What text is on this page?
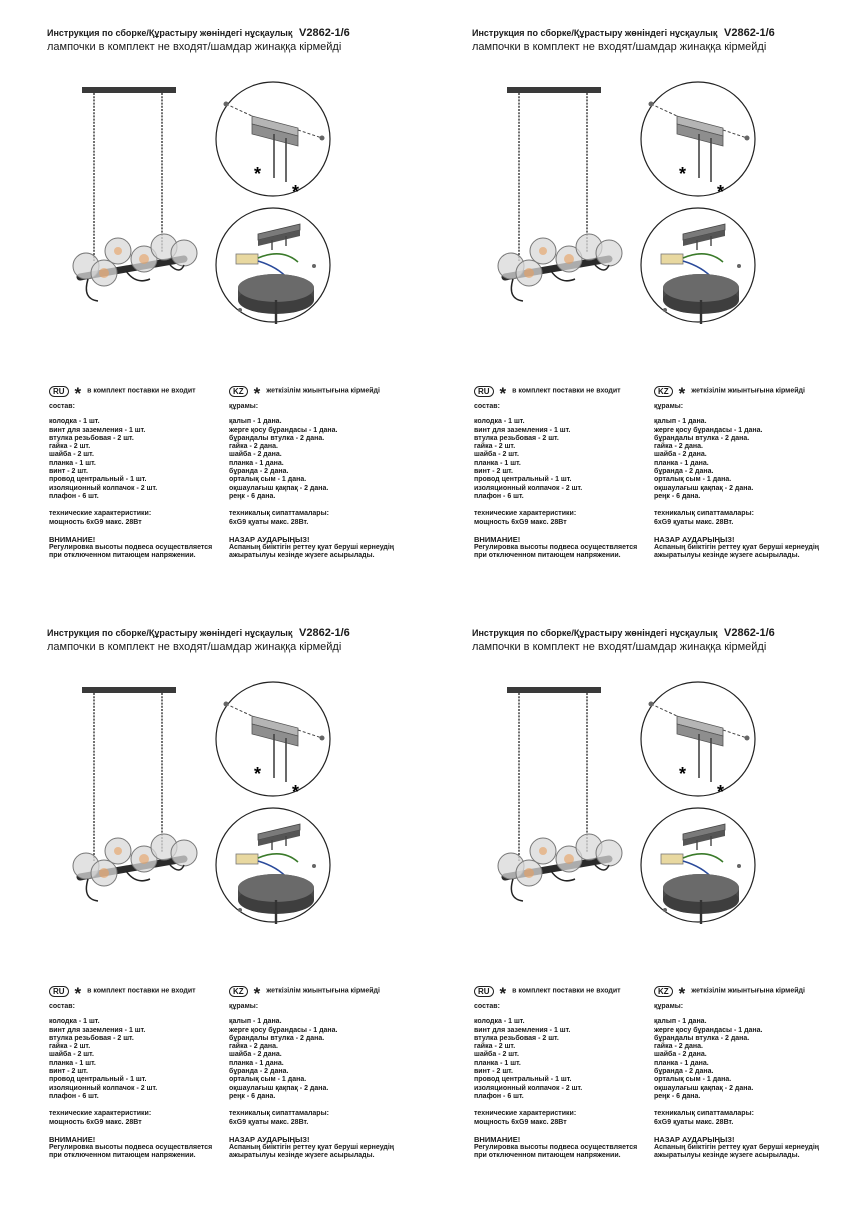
Инструкция по сборке/Құрастыру жөніндегі нұсқаулық V2862-1/6
лампочки в комплект не входят/шамдар жинаққа кірмейді
*
*
RU * в комплект поставки не входит
состав:
колодка - 1 шт.
винт для заземления - 1 шт.
втулка резьбовая - 2 шт.
гайка - 2 шт.
шайба - 2 шт.
планка - 1 шт.
винт - 2 шт.
провод центральный - 1 шт.
изоляционный колпачок - 2 шт.
плафон - 6 шт.
технические характеристики:
мощность 6xG9 макс. 28Вт
ВНИМАНИЕ!
Регулировка высоты подвеса осуществляется
при отключенном питающем напряжении.
KZ * жеткізілім жиынтығына кірмейді
құрамы:
қалып - 1 дана.
жерге қосу бұрандасы - 1 дана.
бұрандалы втулка - 2 дана.
гайка - 2 дана.
шайба - 2 дана.
планка - 1 дана.
бұранда - 2 дана.
орталық сым - 1 дана.
оқшаулағыш қақпақ - 2 дана.
реңк - 6 дана.
техникалық сипаттамалары:
6xG9 қуаты макс. 28Вт.
НАЗАР АУДАРЫҢЫЗ!
Аспаның биіктігін реттеу қуат беруші кернеудің
ажыратылуы кезінде жүзеге асырылады.
Инструкция по сборке/Құрастыру жөніндегі нұсқаулық V2862-1/6
лампочки в комплект не входят/шамдар жинаққа кірмейді
*
*
RU * в комплект поставки не входит
состав:
колодка - 1 шт.
винт для заземления - 1 шт.
втулка резьбовая - 2 шт.
гайка - 2 шт.
шайба - 2 шт.
планка - 1 шт.
винт - 2 шт.
провод центральный - 1 шт.
изоляционный колпачок - 2 шт.
плафон - 6 шт.
технические характеристики:
мощность 6xG9 макс. 28Вт
ВНИМАНИЕ!
Регулировка высоты подвеса осуществляется
при отключенном питающем напряжении.
KZ * жеткізілім жиынтығына кірмейді
құрамы:
қалып - 1 дана.
жерге қосу бұрандасы - 1 дана.
бұрандалы втулка - 2 дана.
гайка - 2 дана.
шайба - 2 дана.
планка - 1 дана.
бұранда - 2 дана.
орталық сым - 1 дана.
оқшаулағыш қақпақ - 2 дана.
реңк - 6 дана.
техникалық сипаттамалары:
6xG9 қуаты макс. 28Вт.
НАЗАР АУДАРЫҢЫЗ!
Аспаның биіктігін реттеу қуат беруші кернеудің
ажыратылуы кезінде жүзеге асырылады.
Инструкция по сборке/Құрастыру жөніндегі нұсқаулық V2862-1/6
лампочки в комплект не входят/шамдар жинаққа кірмейді
*
*
RU * в комплект поставки не входит
состав:
колодка - 1 шт.
винт для заземления - 1 шт.
втулка резьбовая - 2 шт.
гайка - 2 шт.
шайба - 2 шт.
планка - 1 шт.
винт - 2 шт.
провод центральный - 1 шт.
изоляционный колпачок - 2 шт.
плафон - 6 шт.
технические характеристики:
мощность 6xG9 макс. 28Вт
ВНИМАНИЕ!
Регулировка высоты подвеса осуществляется
при отключенном питающем напряжении.
KZ * жеткізілім жиынтығына кірмейді
құрамы:
қалып - 1 дана.
жерге қосу бұрандасы - 1 дана.
бұрандалы втулка - 2 дана.
гайка - 2 дана.
шайба - 2 дана.
планка - 1 дана.
бұранда - 2 дана.
орталық сым - 1 дана.
оқшаулағыш қақпақ - 2 дана.
реңк - 6 дана.
техникалық сипаттамалары:
6xG9 қуаты макс. 28Вт.
НАЗАР АУДАРЫҢЫЗ!
Аспаның биіктігін реттеу қуат беруші кернеудің
ажыратылуы кезінде жүзеге асырылады.
Инструкция по сборке/Құрастыру жөніндегі нұсқаулық V2862-1/6
лампочки в комплект не входят/шамдар жинаққа кірмейді
*
*
RU * в комплект поставки не входит
состав:
колодка - 1 шт.
винт для заземления - 1 шт.
втулка резьбовая - 2 шт.
гайка - 2 шт.
шайба - 2 шт.
планка - 1 шт.
винт - 2 шт.
провод центральный - 1 шт.
изоляционный колпачок - 2 шт.
плафон - 6 шт.
технические характеристики:
мощность 6xG9 макс. 28Вт
ВНИМАНИЕ!
Регулировка высоты подвеса осуществляется
при отключенном питающем напряжении.
KZ * жеткізілім жиынтығына кірмейді
құрамы:
қалып - 1 дана.
жерге қосу бұрандасы - 1 дана.
бұрандалы втулка - 2 дана.
гайка - 2 дана.
шайба - 2 дана.
планка - 1 дана.
бұранда - 2 дана.
орталық сым - 1 дана.
оқшаулағыш қақпақ - 2 дана.
реңк - 6 дана.
техникалық сипаттамалары:
6xG9 қуаты макс. 28Вт.
НАЗАР АУДАРЫҢЫЗ!
Аспаның биіктігін реттеу қуат беруші кернеудің
ажыратылуы кезінде жүзеге асырылады.
